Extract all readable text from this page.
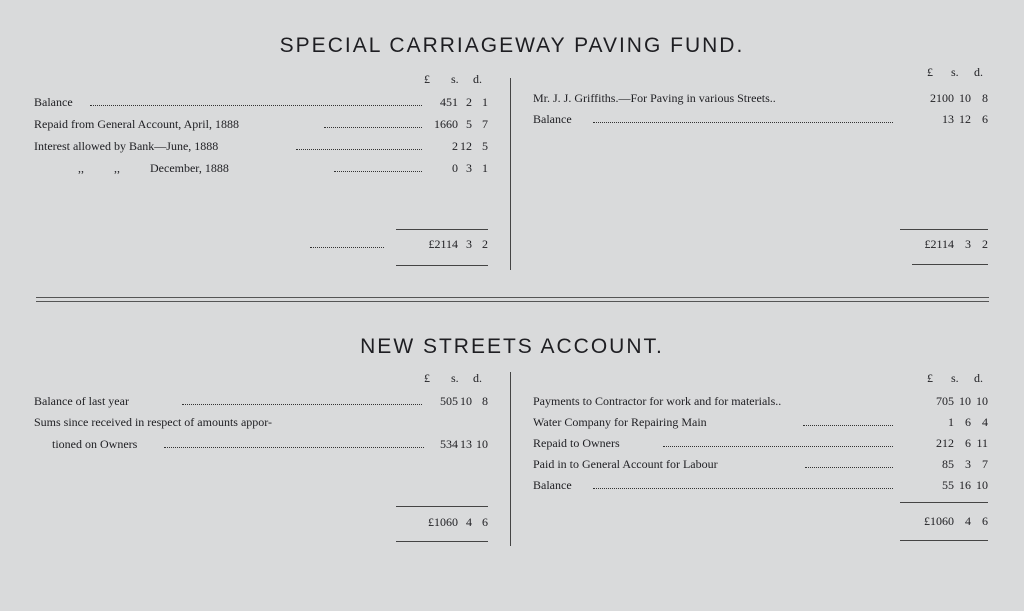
SPECIAL CARRIAGEWAY PAVING FUND.
£ s. d.	£ s. d.
Balance	451 2 1
Repaid from General Account, April, 1888	1660 5 7
Interest allowed by Bank—June, 1888	2 12 5
,,          ,,          December, 1888	0 3 1
£2114 3 2
Mr. J. J. Griffiths.—For Paving in various Streets..	2100 10 8
Balance	13 12 6
£2114 3 2
NEW STREETS ACCOUNT.
£ s. d.	£ s. d.
Balance of last year	505 10 8
Sums since received in respect of amounts appor-
tioned on Owners	534 13 10
£1060 4 6
Payments to Contractor for work and for materials..	705 10 10
Water Company for Repairing Main	1 6 4
Repaid to Owners	212 6 11
Paid in to General Account for Labour	85 3 7
Balance	55 16 10
£1060 4 6
